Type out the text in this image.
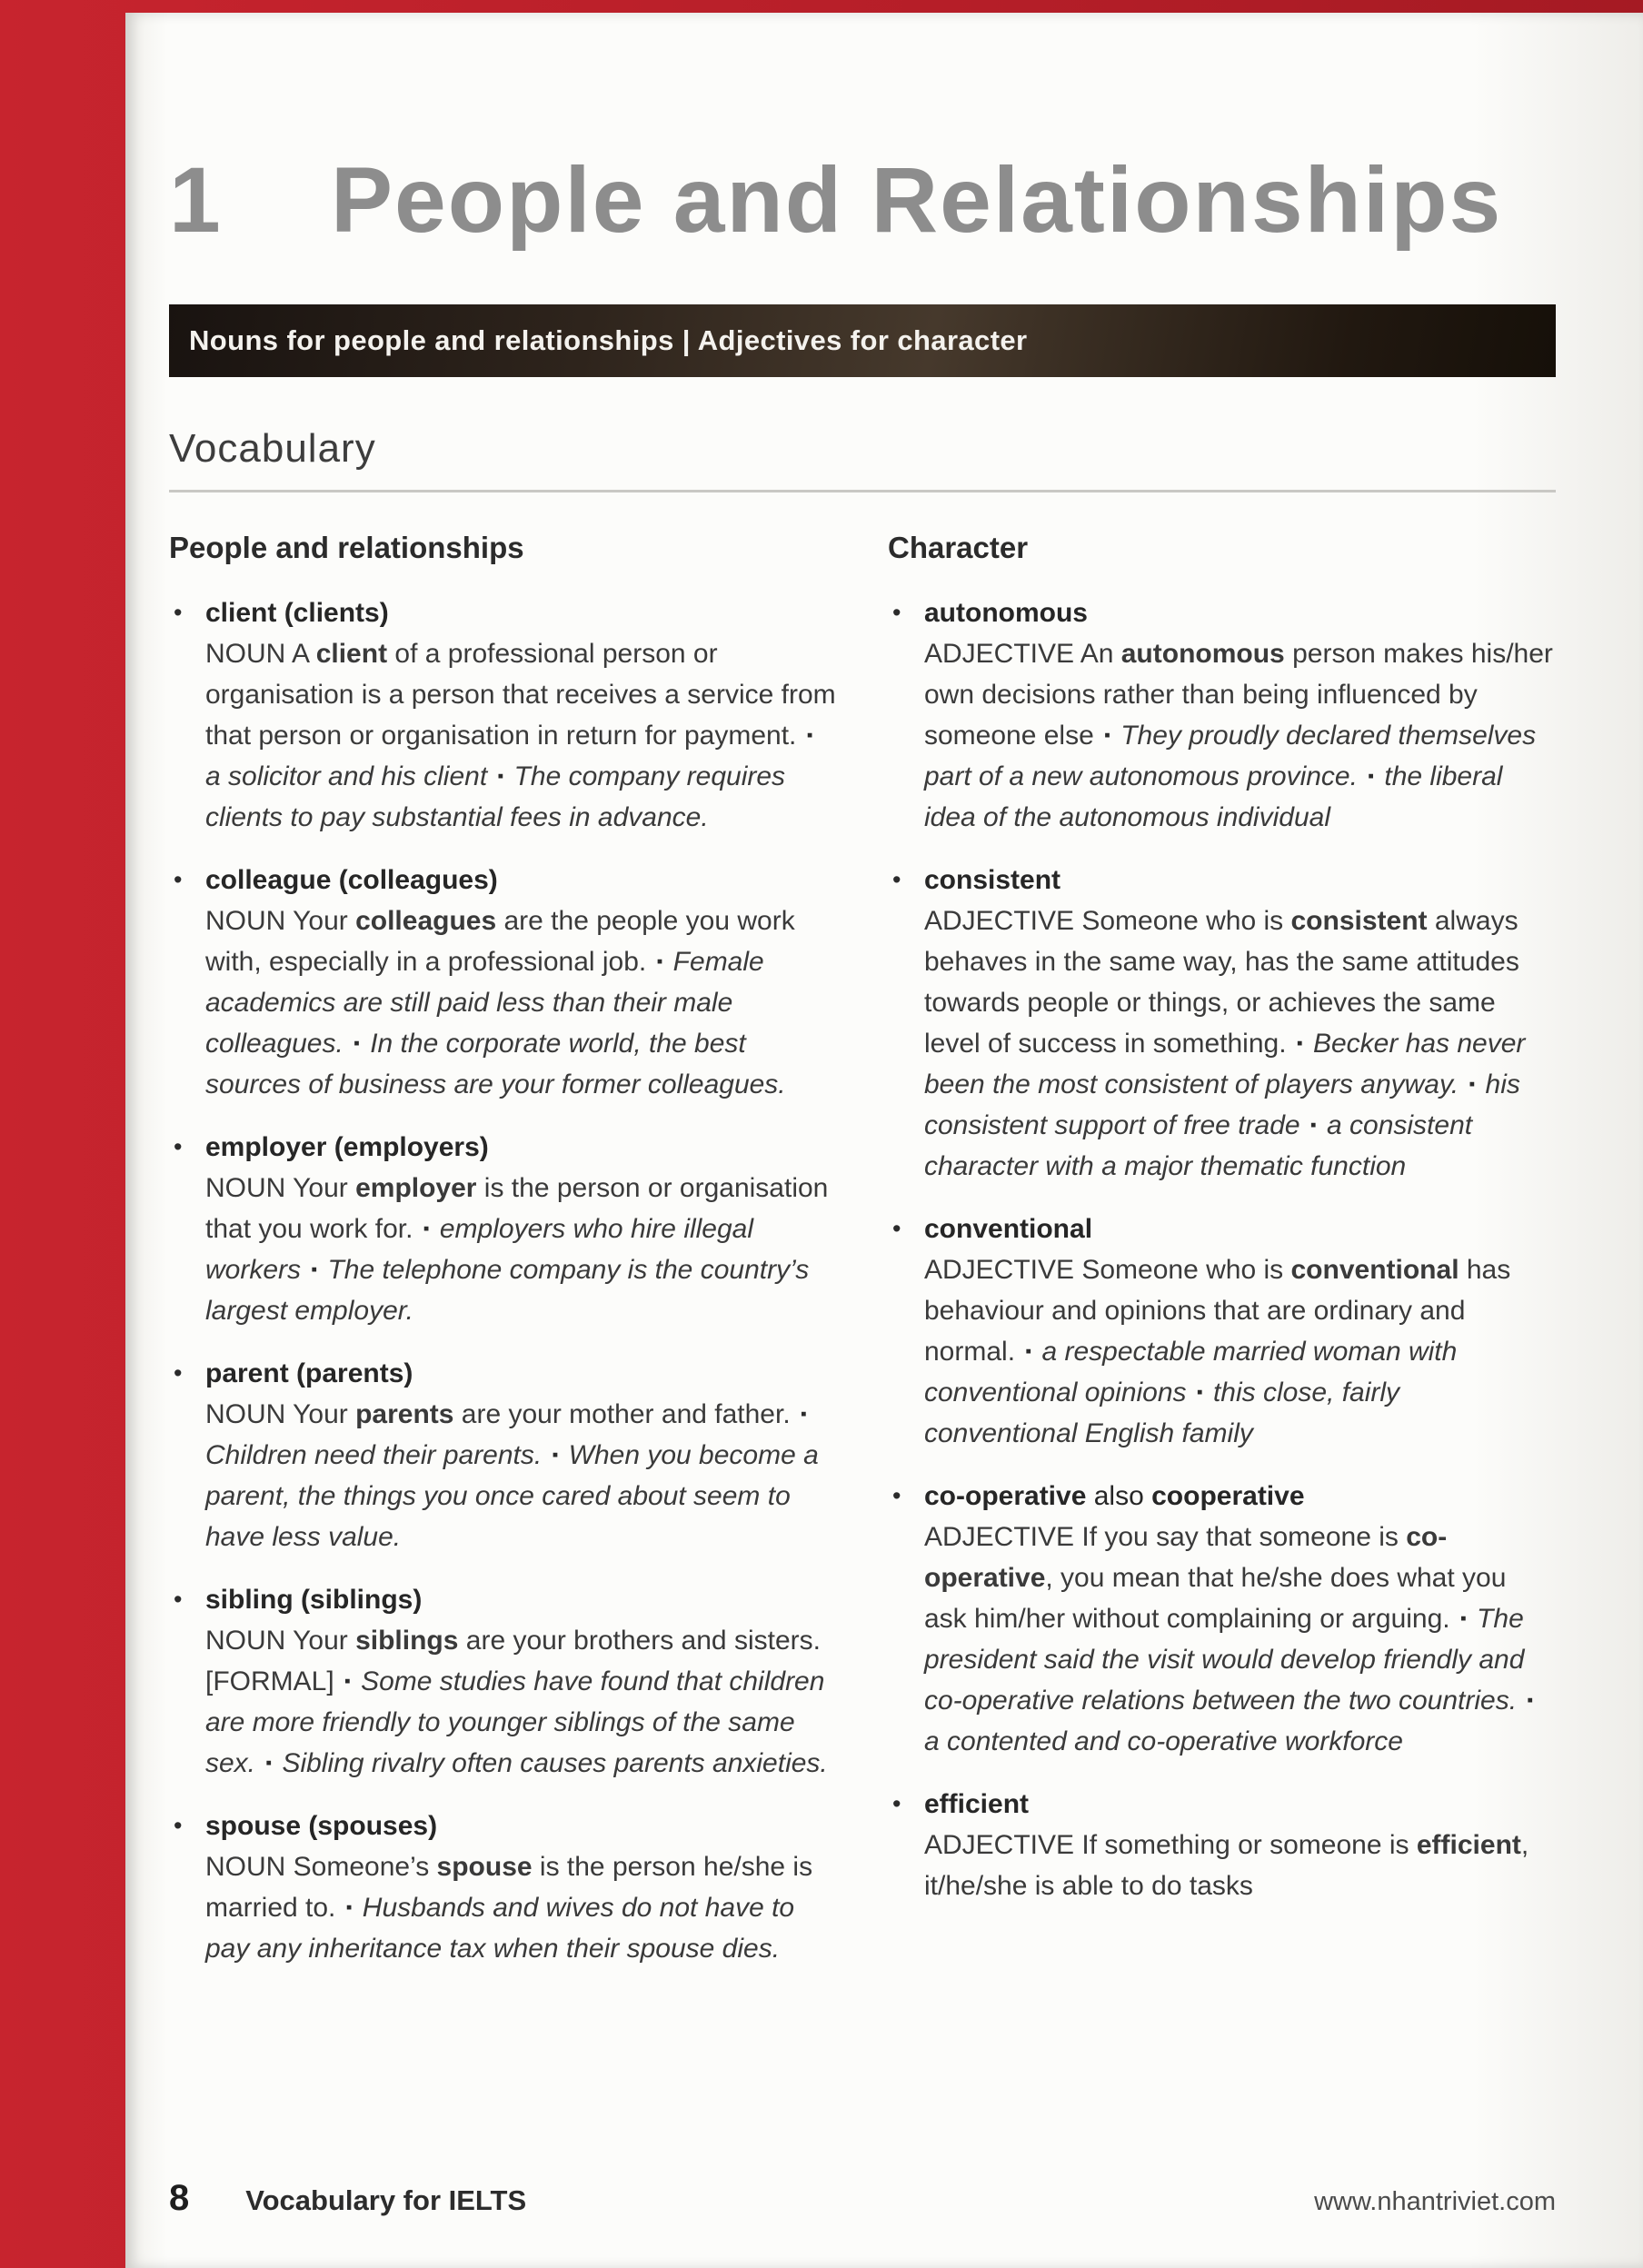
1	People and Relationships
Nouns for people and relationships | Adjectives for character
Vocabulary
People and relationships
• client (clients)
NOUN A client of a professional person or organisation is a person that receives a service from that person or organisation in return for payment. ▪ a solicitor and his client ▪ The company requires clients to pay substantial fees in advance.
• colleague (colleagues)
NOUN Your colleagues are the people you work with, especially in a professional job. ▪ Female academics are still paid less than their male colleagues. ▪ In the corporate world, the best sources of business are your former colleagues.
• employer (employers)
NOUN Your employer is the person or organisation that you work for. ▪ employers who hire illegal workers ▪ The telephone company is the country’s largest employer.
• parent (parents)
NOUN Your parents are your mother and father. ▪ Children need their parents. ▪ When you become a parent, the things you once cared about seem to have less value.
• sibling (siblings)
NOUN Your siblings are your brothers and sisters. [FORMAL] ▪ Some studies have found that children are more friendly to younger siblings of the same sex. ▪ Sibling rivalry often causes parents anxieties.
• spouse (spouses)
NOUN Someone’s spouse is the person he/she is married to. ▪ Husbands and wives do not have to pay any inheritance tax when their spouse dies.
Character
• autonomous
ADJECTIVE An autonomous person makes his/her own decisions rather than being influenced by someone else ▪ They proudly declared themselves part of a new autonomous province. ▪ the liberal idea of the autonomous individual
• consistent
ADJECTIVE Someone who is consistent always behaves in the same way, has the same attitudes towards people or things, or achieves the same level of success in something. ▪ Becker has never been the most consistent of players anyway. ▪ his consistent support of free trade ▪ a consistent character with a major thematic function
• conventional
ADJECTIVE Someone who is conventional has behaviour and opinions that are ordinary and normal. ▪ a respectable married woman with conventional opinions ▪ this close, fairly conventional English family
• co-operative also cooperative
ADJECTIVE If you say that someone is co-operative, you mean that he/she does what you ask him/her without complaining or arguing. ▪ The president said the visit would develop friendly and co-operative relations between the two countries. ▪ a contented and co-operative workforce
• efficient
ADJECTIVE If something or someone is efficient, it/he/she is able to do tasks
8 Vocabulary for IELTS	www.nhantriviet.com
